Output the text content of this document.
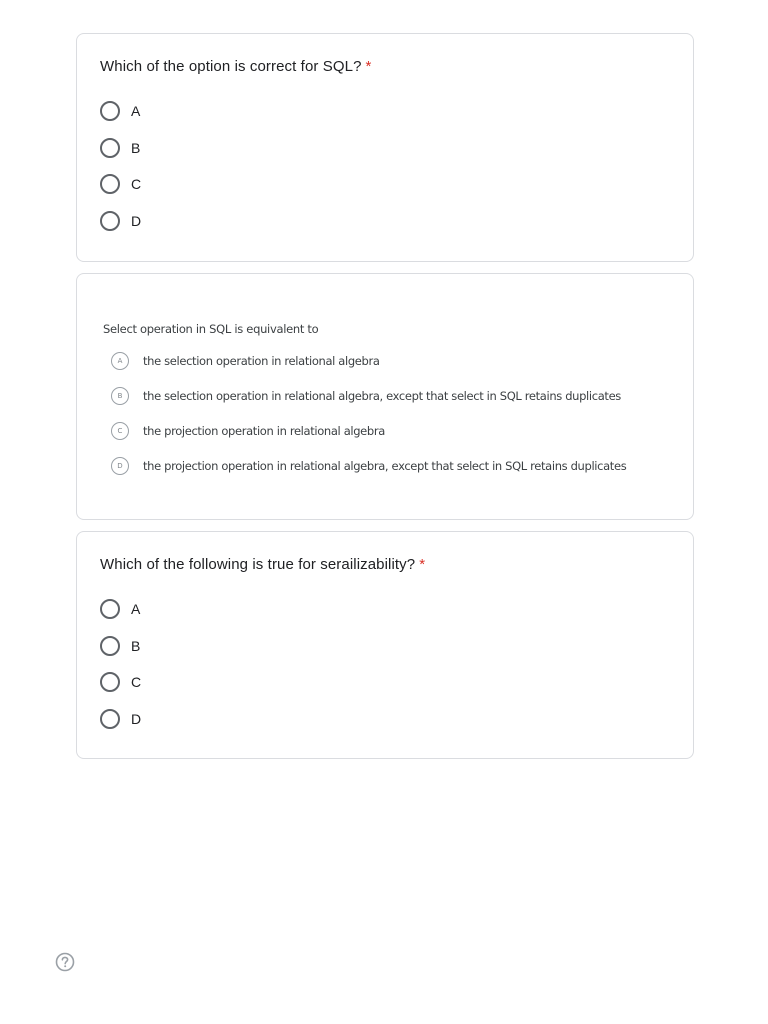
Which of the option is correct for SQL? *
A
B
C
D
Select operation in SQL is equivalent to
A	the selection operation in relational algebra
B	the selection operation in relational algebra, except that select in SQL retains duplicates
C	the projection operation in relational algebra
D	the projection operation in relational algebra, except that select in SQL retains duplicates
Which of the following is true for serailizability? *
A
B
C
D
